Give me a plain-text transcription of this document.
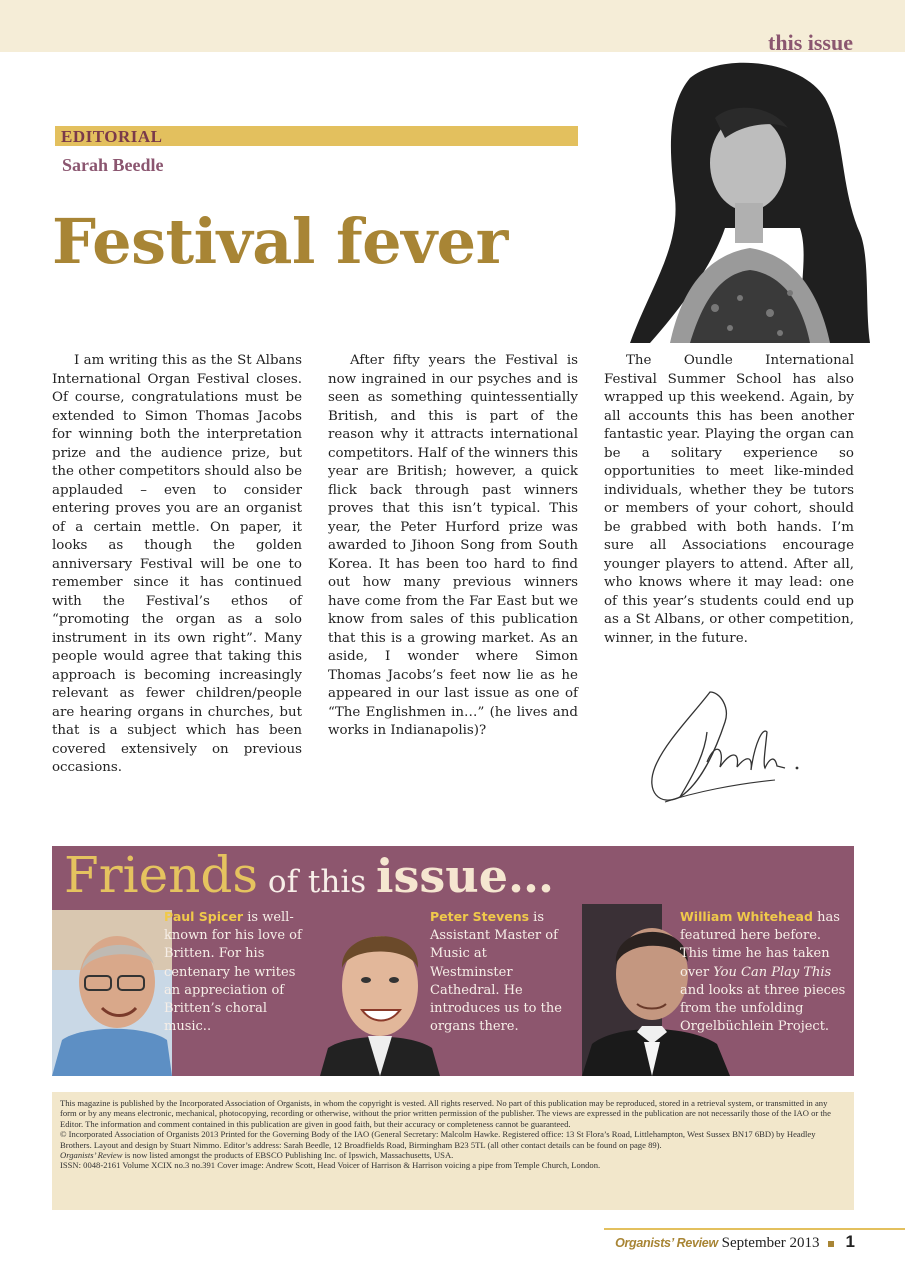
this issue
EDITORIAL
Sarah Beedle
Festival fever

I am writing this as the St Albans International Organ Festival closes. Of course, congratulations must be extended to Simon Thomas Jacobs for winning both the interpretation prize and the audience prize, but the other competitors should also be applauded – even to consider entering proves you are an organist of a certain mettle. On paper, it looks as though the golden anniversary Festival will be one to remember since it has continued with the Festival’s ethos of “promoting the organ as a solo instrument in its own right”. Many people would agree that taking this approach is becoming increasingly relevant as fewer children/people are hearing organs in churches, but that is a subject which has been covered extensively on previous occasions.

After fifty years the Festival is now ingrained in our psyches and is seen as something quintessentially British, and this is part of the reason why it attracts international competitors. Half of the winners this year are British; however, a quick flick back through past winners proves that this isn’t typical. This year, the Peter Hurford prize was awarded to Jihoon Song from South Korea. It has been too hard to find out how many previous winners have come from the Far East but we know from sales of this publication that this is a growing market. As an aside, I wonder where Simon Thomas Jacobs’s feet now lie as he appeared in our last issue as one of “The Englishmen in…” (he lives and works in Indianapolis)?

The Oundle International Festival Summer School has also wrapped up this weekend. Again, by all accounts this has been another fantastic year. Playing the organ can be a solitary experience so opportunities to meet like-minded individuals, whether they be tutors or members of your cohort, should be grabbed with both hands. I’m sure all Associations encourage younger players to attend. After all, who knows where it may lead: one of this year’s students could end up as a St Albans, or other competition, winner, in the future.

Friends of this issue…
Paul Spicer is well-known for his love of Britten. For his centenary he writes an appreciation of Britten’s choral music..
Peter Stevens is Assistant Master of Music at Westminster Cathedral. He introduces us to the organs there.
William Whitehead has featured here before. This time he has taken over You Can Play This and looks at three pieces from the unfolding Orgelbüchlein Project.

This magazine is published by the Incorporated Association of Organists, in whom the copyright is vested. All rights reserved. No part of this publication may be reproduced, stored in a retrieval system, or transmitted in any form or by any means electronic, mechanical, photocopying, recording or otherwise, without the prior written permission of the publisher. The views are expressed in the publication are not necessarily those of the IAO or the Editor. The information and comment contained in this publication are given in good faith, but their accuracy or completeness cannot be guaranteed.

© Incorporated Association of Organists 2013 Printed for the Governing Body of the IAO (General Secretary: Malcolm Hawke. Registered office: 13 St Flora’s Road, Littlehampton, West Sussex BN17 6BD) by Headley Brothers. Layout and design by Stuart Nimmo. Editor’s address: Sarah Beedle, 12 Broadfields Road, Birmingham B23 5TL (all other contact details can be found on page 89).

Organists’ Review is now listed amongst the products of EBSCO Publishing Inc. of Ipswich, Massachusetts, USA.

ISSN: 0048-2161 Volume XCIX no.3 no.391 Cover image: Andrew Scott, Head Voicer of Harrison & Harrison voicing a pipe from Temple Church, London.

Organists’ Review September 2013 1
